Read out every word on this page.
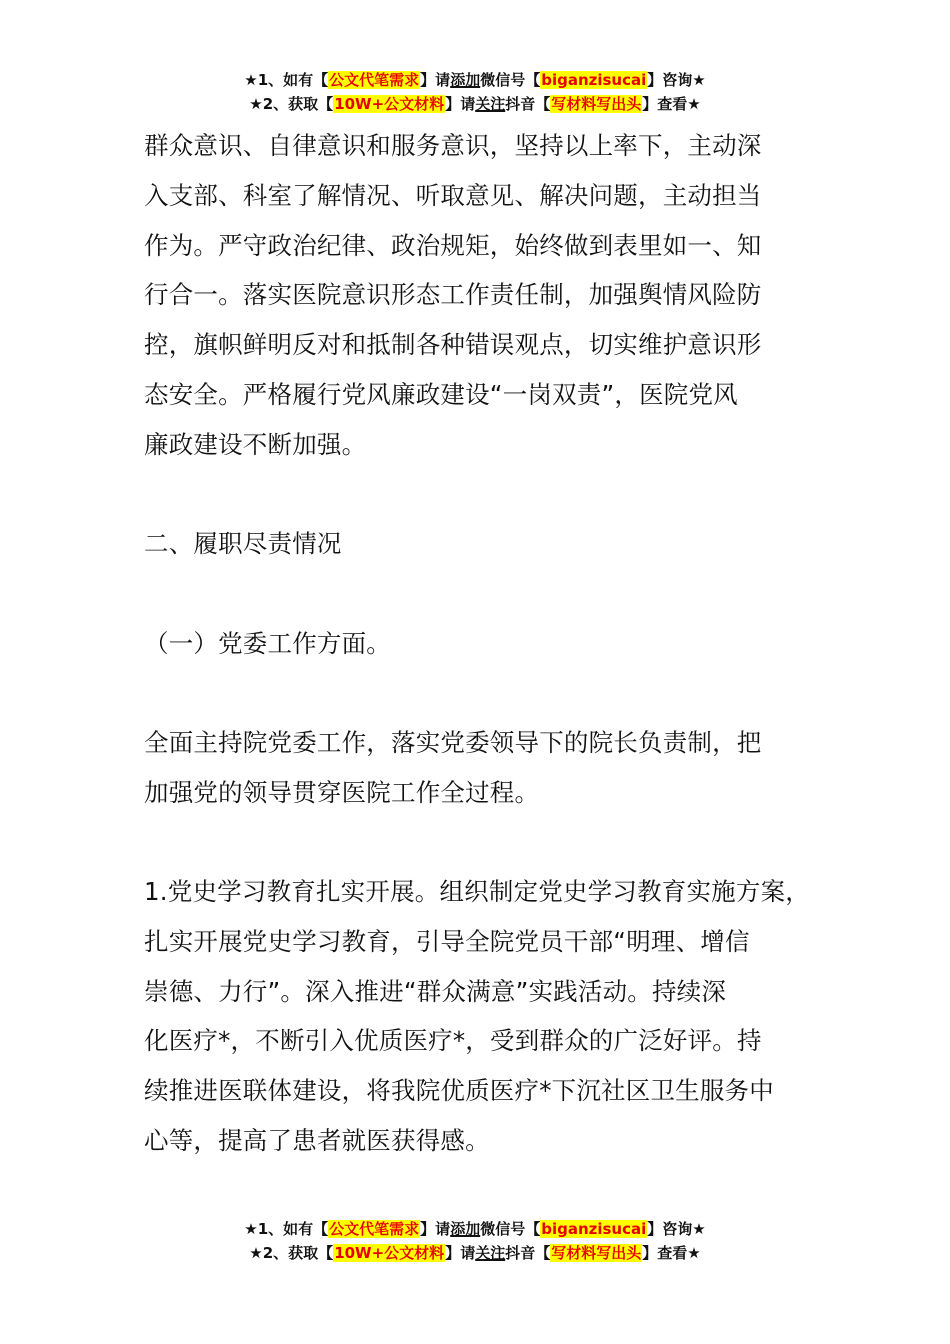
★1、如有【公文代笔需求】请添加微信号【biganzisucai】咨询★
★2、获取【10W+公文材料】请关注抖音【写材料写出头】查看★
群众意识、自律意识和服务意识，坚持以上率下，主动深
入支部、科室了解情况、听取意见、解决问题，主动担当
作为。严守政治纪律、政治规矩，始终做到表里如一、知
行合一。落实医院意识形态工作责任制，加强舆情风险防
控，旗帜鲜明反对和抵制各种错误观点，切实维护意识形
态安全。严格履行党风廉政建设“一岗双责”，医院党风
廉政建设不断加强。
二、履职尽责情况
（一）党委工作方面。
全面主持院党委工作，落实党委领导下的院长负责制，把
加强党的领导贯穿医院工作全过程。
1.党史学习教育扎实开展。组织制定党史学习教育实施方案，
扎实开展党史学习教育，引导全院党员干部“明理、增信
崇德、力行”。深入推进“群众满意”实践活动。持续深
化医疗*，不断引入优质医疗*，受到群众的广泛好评。持
续推进医联体建设，将我院优质医疗*下沉社区卫生服务中
心等，提高了患者就医获得感。
★1、如有【公文代笔需求】请添加微信号【biganzisucai】咨询★
★2、获取【10W+公文材料】请关注抖音【写材料写出头】查看★
